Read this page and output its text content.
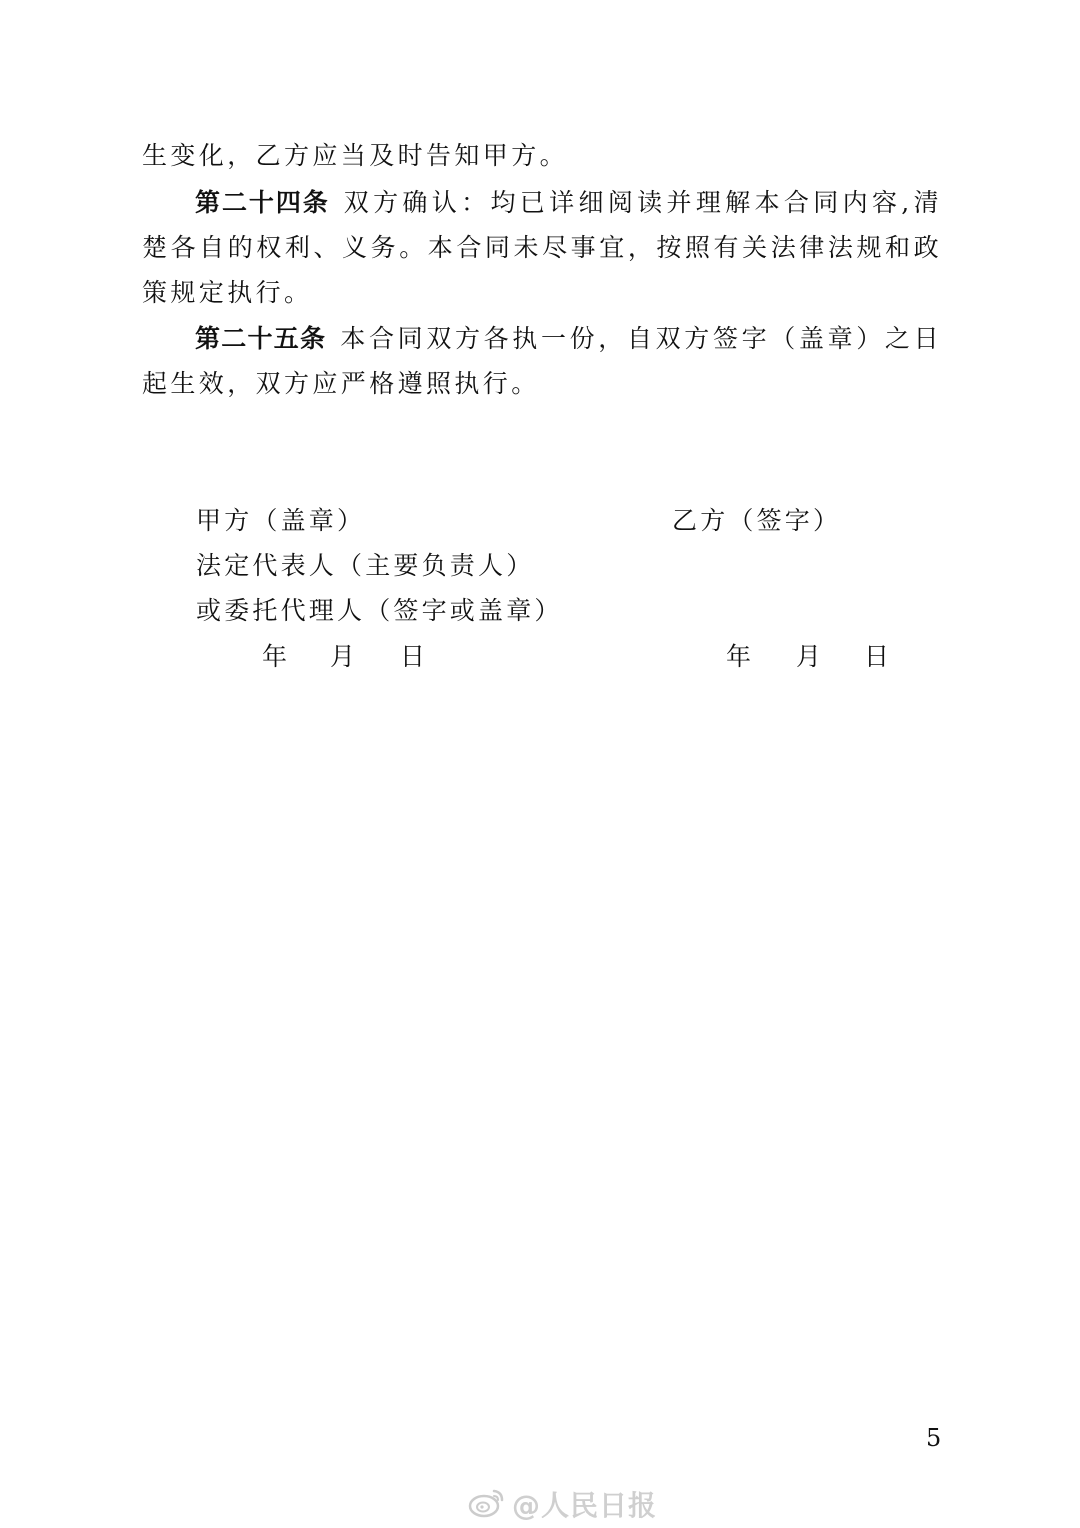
生变化，乙方应当及时告知甲方。

第二十四条 双方确认：均已详细阅读并理解本合同内容,清楚各自的权利、义务。本合同未尽事宜，按照有关法律法规和政策规定执行。

第二十五条 本合同双方各执一份，自双方签字（盖章）之日起生效，双方应严格遵照执行。

甲方（盖章）	乙方（签字）
法定代表人（主要负责人）
或委托代理人（签字或盖章）
年 月 日	年 月 日
5
@人民日报
